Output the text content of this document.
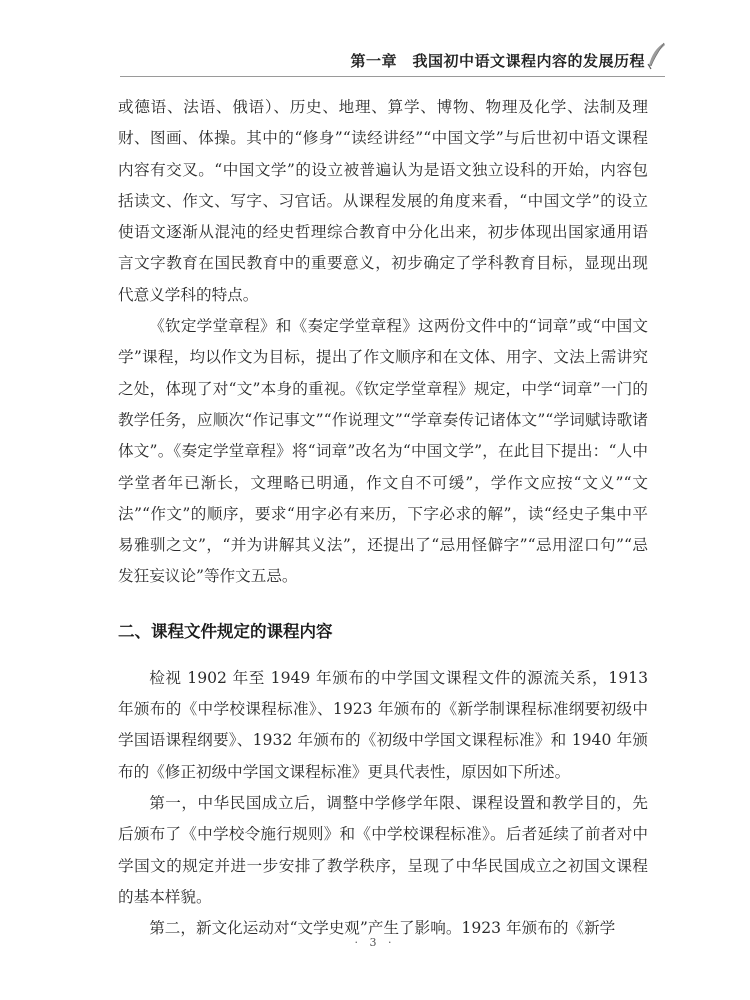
第一章　我国初中语文课程内容的发展历程

或德语、法语、俄语）、历史、地理、算学、博物、物理及化学、法制及理财、图画、体操。其中的“修身”“读经讲经”“中国文学”与后世初中语文课程内容有交叉。“中国文学”的设立被普遍认为是语文独立设科的开始，内容包括读文、作文、写字、习官话。从课程发展的角度来看，“中国文学”的设立使语文逐渐从混沌的经史哲理综合教育中分化出来，初步体现出国家通用语言文字教育在国民教育中的重要意义，初步确定了学科教育目标，显现出现代意义学科的特点。

《钦定学堂章程》和《奏定学堂章程》这两份文件中的“词章”或“中国文学”课程，均以作文为目标，提出了作文顺序和在文体、用字、文法上需讲究之处，体现了对“文”本身的重视。《钦定学堂章程》规定，中学“词章”一门的教学任务，应顺次“作记事文”“作说理文”“学章奏传记诸体文”“学词赋诗歌诸体文”。《奏定学堂章程》将“词章”改名为“中国文学”，在此目下提出：“人中学堂者年已渐长，文理略已明通，作文自不可缓”，学作文应按“文义”“文法”“作文”的顺序，要求“用字必有来历，下字必求的解”，读“经史子集中平易雅驯之文”，“并为讲解其义法”，还提出了“忌用怪僻字”“忌用涩口句”“忌发狂妄议论”等作文五忌。

二、课程文件规定的课程内容

检视 1902 年至 1949 年颁布的中学国文课程文件的源流关系，1913 年颁布的《中学校课程标准》、1923 年颁布的《新学制课程标准纲要初级中学国语课程纲要》、1932 年颁布的《初级中学国文课程标准》和 1940 年颁布的《修正初级中学国文课程标准》更具代表性，原因如下所述。

第一，中华民国成立后，调整中学修学年限、课程设置和教学目的，先后颁布了《中学校令施行规则》和《中学校课程标准》。后者延续了前者对中学国文的规定并进一步安排了教学秩序，呈现了中华民国成立之初国文课程的基本样貌。

第二，新文化运动对“文学史观”产生了影响。1923 年颁布的《新学

· 3 ·
